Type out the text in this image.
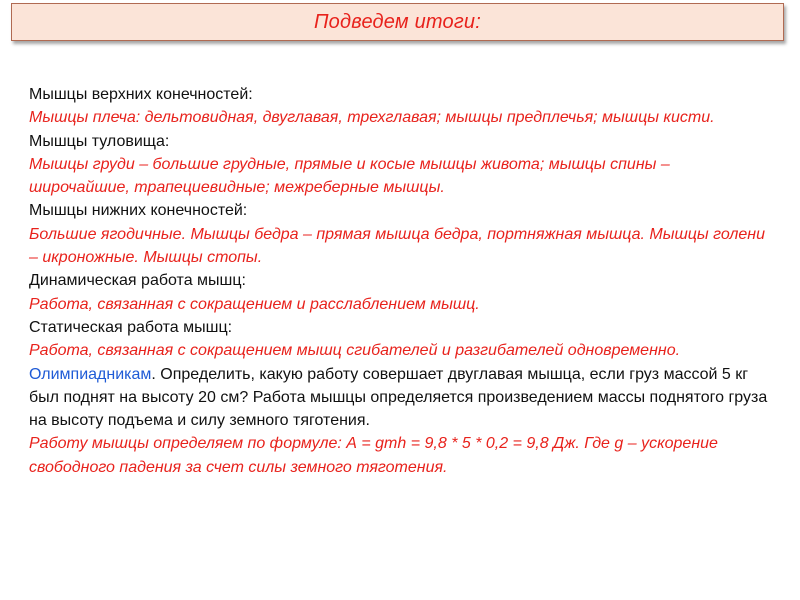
Подведем итоги:

Мышцы верхних конечностей:

Мышцы плеча: дельтовидная, двуглавая, трехглавая; мышцы предплечья; мышцы кисти.

Мышцы туловища:

Мышцы груди – большие грудные, прямые и косые мышцы живота; мышцы спины – широчайшие, трапециевидные; межреберные мышцы.

Мышцы нижних конечностей:

Большие ягодичные. Мышцы бедра – прямая мышца бедра, портняжная мышца. Мышцы голени – икроножные. Мышцы стопы.

Динамическая работа мышц:

Работа, связанная с сокращением и расслаблением мышц.

Статическая работа мышц:

Работа, связанная с сокращением мышц сгибателей и разгибателей одновременно.

Олимпиадникам. Определить, какую работу совершает двуглавая мышца, если груз массой 5 кг был поднят на высоту 20 см? Работа мышцы определяется произведением массы поднятого груза на высоту подъема и силу земного тяготения.

Работу мышцы определяем по формуле: А = gmh = 9,8 * 5 * 0,2 = 9,8 Дж. Где g – ускорение свободного падения за счет силы земного тяготения.
